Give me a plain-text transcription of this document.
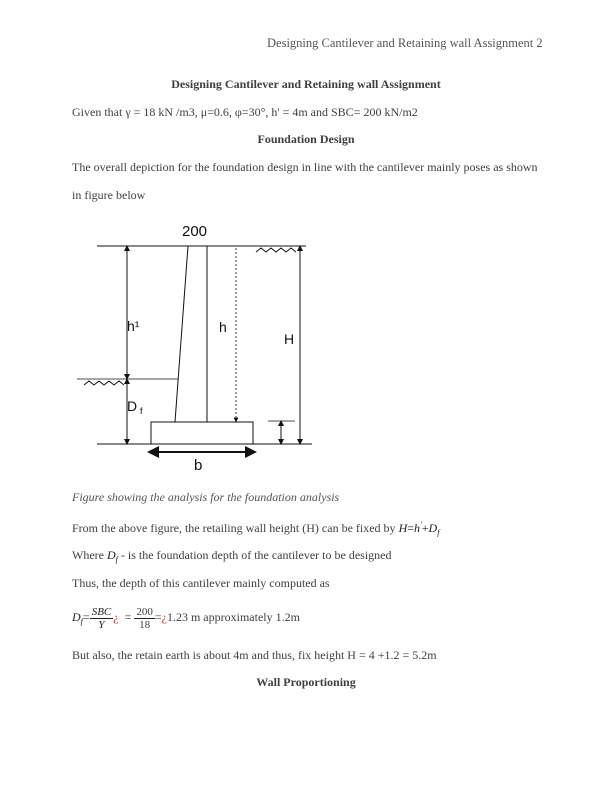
Designing Cantilever and Retaining wall Assignment 2
Designing Cantilever and Retaining wall Assignment
Given that γ = 18 kN /m3, μ=0.6, φ=30°, h' = 4m and SBC= 200 kN/m2
Foundation Design
The overall depiction for the foundation design in line with the cantilever mainly poses as shown
in figure below
200
h¹	h
H
D f
b
Figure showing the analysis for the foundation analysis
From the above figure, the retailing wall height (H) can be fixed by $H=h'+D_f$
Where $D_f$ - is the foundation depth of the cantilever to be designed
Thus, the depth of this cantilever mainly computed as
$D_f= \frac{\text{SBC}}{Y}$ ¿ = $\frac{200}{18}$ =¿1.23 m approximately 1.2m
But also, the retain earth is about 4m and thus, fix height H = 4 +1.2 = 5.2m
Wall Proportioning
